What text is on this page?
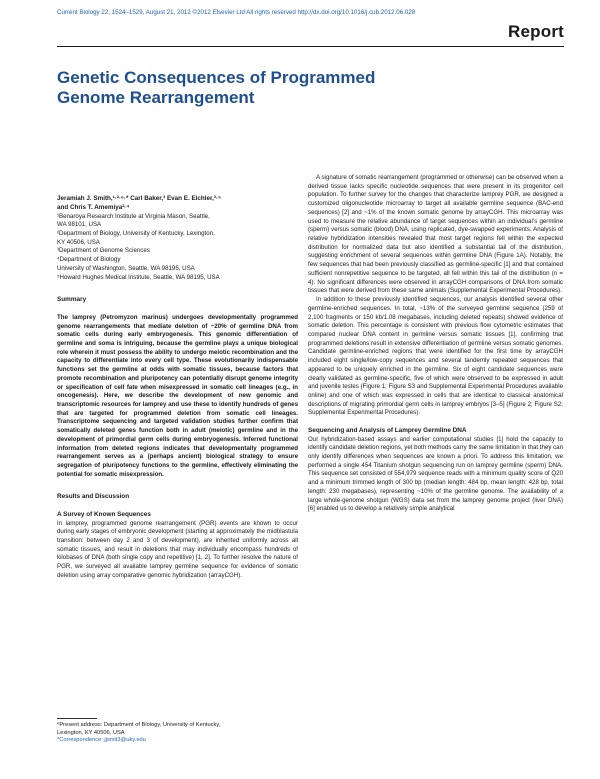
Current Biology 22, 1524–1529, August 21, 2012 ©2012 Elsevier Ltd All rights reserved http://dx.doi.org/10.1016/j.cub.2012.06.028
Report
Genetic Consequences of Programmed
Genome Rearrangement
Jeramiah J. Smith,¹·²·⁶·* Carl Baker,³ Evan E. Eichler,³·⁵
and Chris T. Amemiya²·⁴

¹Benaroya Research Institute at Virginia Mason, Seattle,

WA 98101, USA

²Department of Biology, University of Kentucky, Lexington,

KY 40506, USA

³Department of Genome Sciences

⁴Department of Biology

University of Washington, Seattle, WA 98195, USA

⁵Howard Hughes Medical Institute, Seattle, WA 98195, USA

Summary

The lamprey (Petromyzon marinus) undergoes developmentally programmed genome rearrangements that mediate deletion of ~20% of germline DNA from somatic cells during early embryogenesis. This genomic differentiation of germline and soma is intriguing, because the germline plays a unique biological role wherein it must possess the ability to undergo meiotic recombination and the capacity to differentiate into every cell type. These evolutionarily indispensable functions set the germline at odds with somatic tissues, because factors that promote recombination and pluripotency can potentially disrupt genome integrity or specification of cell fate when misexpressed in somatic cell lineages (e.g., in oncogenesis). Here, we describe the development of new genomic and transcriptomic resources for lamprey and use these to identify hundreds of genes that are targeted for programmed deletion from somatic cell lineages. Transcriptome sequencing and targeted validation studies further confirm that somatically deleted genes function both in adult (meiotic) germline and in the development of primordial germ cells during embryogenesis. Inferred functional information from deleted regions indicates that developmentally programmed rearrangement serves as a (perhaps ancient) biological strategy to ensure segregation of pluripotency functions to the germline, effectively eliminating the potential for somatic misexpression.

Results and Discussion

A Survey of Known Sequences

In lamprey, programmed genome rearrangement (PGR) events are known to occur during early stages of embryonic development (starting at approximately the midblastula transition: between day 2 and 3 of development), are inherited uniformly across all somatic tissues, and result in deletions that may individually encompass hundreds of kilobases of DNA (both single copy and repetitive) [1, 2]. To further resolve the nature of PGR, we surveyed all available lamprey germline sequence for evidence of somatic deletion using array comparative genomic hybridization (arrayCGH).

⁶Present address: Department of Biology, University of Kentucky,
Lexington, KY 40506, USA
*Correspondence: jjsmit3@uky.edu

A signature of somatic rearrangement (programmed or otherwise) can be observed when a derived tissue lacks specific nucleotide sequences that were present in its progenitor cell population. To further survey for the changes that characterize lamprey PGR, we designed a customized oligonucleotide microarray to target all available germline sequence (BAC-end sequences) [2] and ~1% of the known somatic genome by arrayCGH. This microarray was used to measure the relative abundance of target sequences within an individual’s germline (sperm) versus somatic (blood) DNA, using replicated, dye-swapped experiments. Analysis of relative hybridization intensities revealed that most target regions fell within the expected distribution for normalized data but also identified a substantial tail of the distribution, suggesting enrichment of several sequences within germline DNA (Figure 1A). Notably, the few sequences that had been previously classified as germline-specific [1] and that contained sufficient nonrepetitive sequence to be targeted, all fell within this tail of the distribution (n = 4). No significant differences were observed in arrayCGH comparisons of DNA from somatic tissues that were derived from these same animals (Supplemental Experimental Procedures).

In addition to these previously identified sequences, our analysis identified several other germline-enriched sequences. In total, ~13% of the surveyed germline sequence (259 of 2,100 fragments or 150 kb/1.08 megabases, including deleted repeats) showed evidence of somatic deletion. This percentage is consistent with previous flow cytometric estimates that compared nuclear DNA content in germline versus somatic tissues [1], confirming that programmed deletions result in extensive differentiation of germline versus somatic genomes. Candidate germline-enriched regions that were identified for the first time by arrayCGH included eight single/low-copy sequences and several tandemly repeated sequences that appeared to be uniquely enriched in the germline. Six of eight candidate sequences were clearly validated as germline-specific, five of which were observed to be expressed in adult and juvenile testes (Figure 1; Figure S3 and Supplemental Experimental Procedures available online) and one of which was expressed in cells that are identical to classical anatomical descriptions of migrating primordial germ cells in lamprey embryos [3–5] (Figure 2; Figure S2; Supplemental Experimental Procedures).

Sequencing and Analysis of Lamprey Germline DNA

Our hybridization-based assays and earlier computational studies [1] hold the capacity to identify candidate deletion regions, yet both methods carry the same limitation in that they can only identify differences when sequences are known a priori. To address this limitation, we performed a single 454 Titanium shotgun sequencing run on lamprey germline (sperm) DNA. This sequence set consisted of 554,979 sequence reads with a minimum quality score of Q20 and a minimum trimmed length of 300 bp (median length: 484 bp, mean length: 428 bp, total length: 230 megabases), representing ~10% of the germline genome. The availability of a large whole-genome shotgun (WGS) data set from the lamprey genome project (liver DNA) [6] enabled us to develop a relatively simple analytical
